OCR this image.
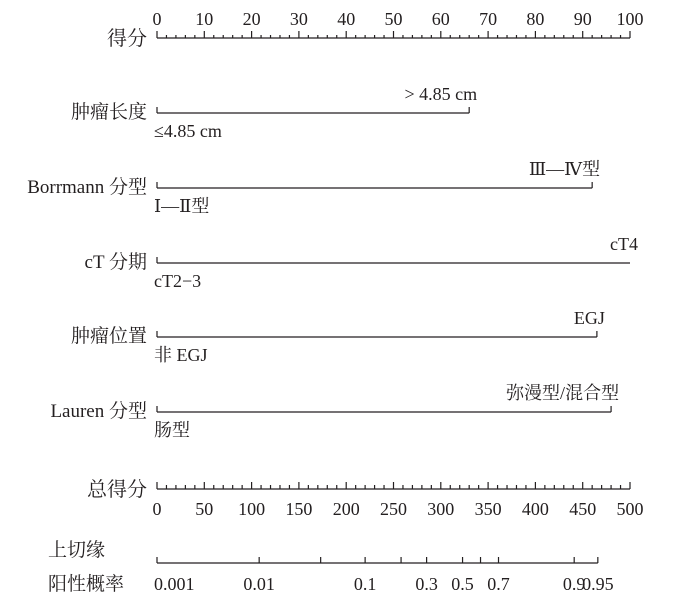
得分
0 10 20 30 40 50 60 70 80 90 100
肿瘤长度
≤4.85 cm
> 4.85 cm
Borrmann 分型
Ⅰ—Ⅱ型
Ⅲ—Ⅳ型
cT 分期
cT2−3
cT4
肿瘤位置
非 EGJ
EGJ
Lauren 分型
肠型
弥漫型/混合型
总得分
0 50 100 150 200 250 300 350 400 450 500
上切缘
阳性概率 0.001	0.01	0.1 0.3 0.5 0.7	0.9
0.95
